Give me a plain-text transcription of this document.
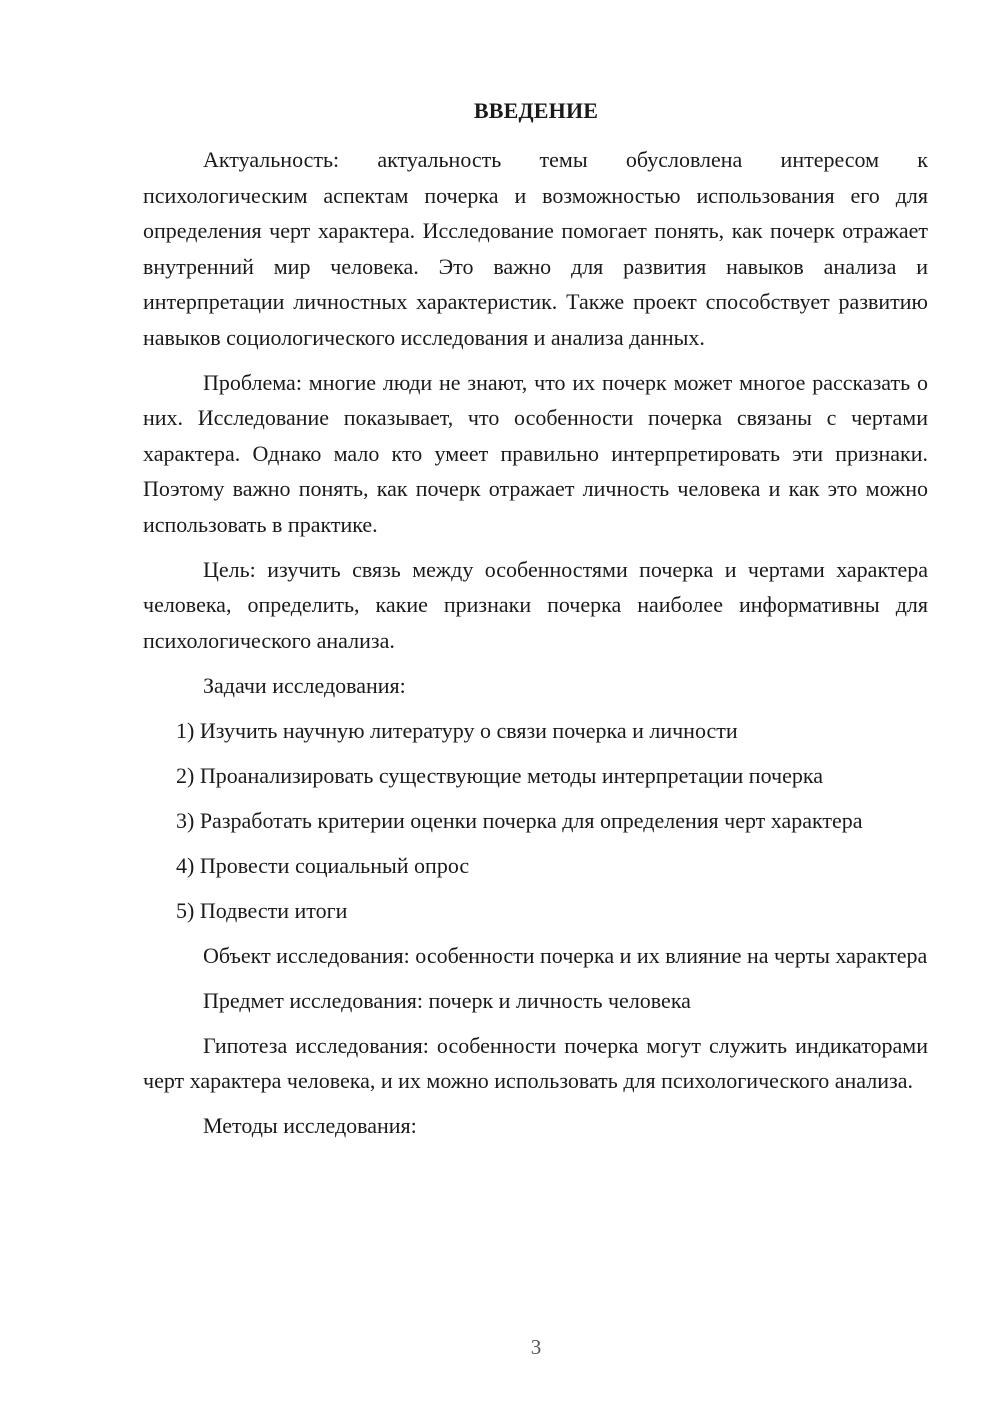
ВВЕДЕНИЕ

Актуальность: актуальность темы обусловлена интересом к психологическим аспектам почерка и возможностью использования его для определения черт характера. Исследование помогает понять, как почерк отражает внутренний мир человека. Это важно для развития навыков анализа и интерпретации личностных характеристик. Также проект способствует развитию навыков социологического исследования и анализа данных.

Проблема: многие люди не знают, что их почерк может многое рассказать о них. Исследование показывает, что особенности почерка связаны с чертами характера. Однако мало кто умеет правильно интерпретировать эти признаки. Поэтому важно понять, как почерк отражает личность человека и как это можно использовать в практике.

Цель: изучить связь между особенностями почерка и чертами характера человека, определить, какие признаки почерка наиболее информативны для психологического анализа.

Задачи исследования:

1) Изучить научную литературу о связи почерка и личности

2) Проанализировать существующие методы интерпретации почерка

3) Разработать критерии оценки почерка для определения черт характера

4) Провести социальный опрос

5) Подвести итоги

Объект исследования: особенности почерка и их влияние на черты характера

Предмет исследования: почерк и личность человека

Гипотеза исследования: особенности почерка могут служить индикаторами черт характера человека, и их можно использовать для психологического анализа.

Методы исследования:

3
